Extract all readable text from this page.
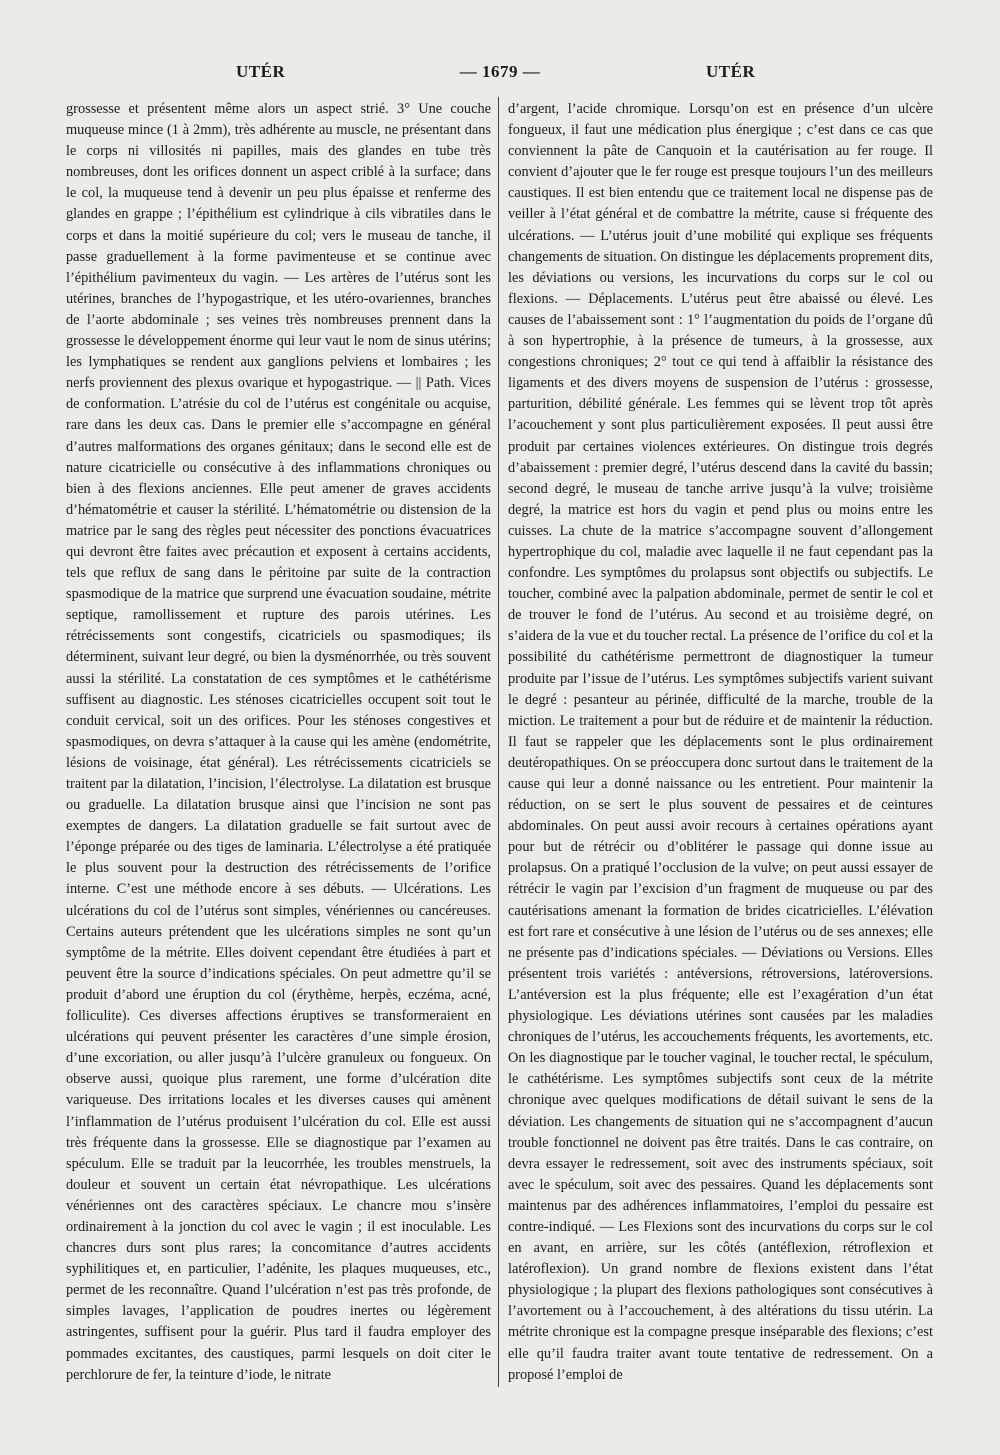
UTÉR	— 1679 —	UTÉR

grossesse et présentent même alors un aspect strié. 3° Une couche muqueuse mince (1 à 2mm), très adhérente au muscle, ne présentant dans le corps ni villosités ni papilles, mais des glandes en tube très nombreuses, dont les orifices donnent un aspect criblé à la surface; dans le col, la muqueuse tend à devenir un peu plus épaisse et renferme des glandes en grappe ; l’épithélium est cylindrique à cils vibratiles dans le corps et dans la moitié supérieure du col; vers le museau de tanche, il passe graduellement à la forme pavimenteuse et se continue avec l’épithélium pavimenteux du vagin. — Les artères de l’utérus sont les utérines, branches de l’hypogastrique, et les utéro-ovariennes, branches de l’aorte abdominale ; ses veines très nombreuses prennent dans la grossesse le développement énorme qui leur vaut le nom de sinus utérins; les lymphatiques se rendent aux ganglions pelviens et lombaires ; les nerfs proviennent des plexus ovarique et hypogastrique. — || Path. Vices de conformation. L’atrésie du col de l’utérus est congénitale ou acquise, rare dans les deux cas. Dans le premier elle s’accompagne en général d’autres malformations des organes génitaux; dans le second elle est de nature cicatricielle ou consécutive à des inflammations chroniques ou bien à des flexions anciennes. Elle peut amener de graves accidents d’hématométrie et causer la stérilité. L’hématométrie ou distension de la matrice par le sang des règles peut nécessiter des ponctions évacuatrices qui devront être faites avec précaution et exposent à certains accidents, tels que reflux de sang dans le péritoine par suite de la contraction spasmodique de la matrice que surprend une évacuation soudaine, métrite septique, ramollissement et rupture des parois utérines. Les rétrécissements sont congestifs, cicatriciels ou spasmodiques; ils déterminent, suivant leur degré, ou bien la dysménorrhée, ou très souvent aussi la stérilité. La constatation de ces symptômes et le cathétérisme suffisent au diagnostic. Les sténoses cicatricielles occupent soit tout le conduit cervical, soit un des orifices. Pour les sténoses congestives et spasmodiques, on devra s’attaquer à la cause qui les amène (endométrite, lésions de voisinage, état général). Les rétrécissements cicatriciels se traitent par la dilatation, l’incision, l’électrolyse. La dilatation est brusque ou graduelle. La dilatation brusque ainsi que l’incision ne sont pas exemptes de dangers. La dilatation graduelle se fait surtout avec de l’éponge préparée ou des tiges de laminaria. L’électrolyse a été pratiquée le plus souvent pour la destruction des rétrécissements de l’orifice interne. C’est une méthode encore à ses débuts. — Ulcérations. Les ulcérations du col de l’utérus sont simples, vénériennes ou cancéreuses. Certains auteurs prétendent que les ulcérations simples ne sont qu’un symptôme de la métrite. Elles doivent cependant être étudiées à part et peuvent être la source d’indications spéciales. On peut admettre qu’il se produit d’abord une éruption du col (érythème, herpès, eczéma, acné, folliculite). Ces diverses affections éruptives se transformeraient en ulcérations qui peuvent présenter les caractères d’une simple érosion, d’une excoriation, ou aller jusqu’à l’ulcère granuleux ou fongueux. On observe aussi, quoique plus rarement, une forme d’ulcération dite variqueuse. Des irritations locales et les diverses causes qui amènent l’inflammation de l’utérus produisent l’ulcération du col. Elle est aussi très fréquente dans la grossesse. Elle se diagnostique par l’examen au spéculum. Elle se traduit par la leucorrhée, les troubles menstruels, la douleur et souvent un certain état névropathique. Les ulcérations vénériennes ont des caractères spéciaux. Le chancre mou s’insère ordinairement à la jonction du col avec le vagin ; il est inoculable. Les chancres durs sont plus rares; la concomitance d’autres accidents syphilitiques et, en particulier, l’adénite, les plaques muqueuses, etc., permet de les reconnaître. Quand l’ulcération n’est pas très profonde, de simples lavages, l’application de poudres inertes ou légèrement astringentes, suffisent pour la guérir. Plus tard il faudra employer des pommades excitantes, des caustiques, parmi lesquels on doit citer le perchlorure de fer, la teinture d’iode, le nitrate

d’argent, l’acide chromique. Lorsqu’on est en présence d’un ulcère fongueux, il faut une médication plus énergique ; c’est dans ce cas que conviennent la pâte de Canquoin et la cautérisation au fer rouge. Il convient d’ajouter que le fer rouge est presque toujours l’un des meilleurs caustiques. Il est bien entendu que ce traitement local ne dispense pas de veiller à l’état général et de combattre la métrite, cause si fréquente des ulcérations. — L’utérus jouit d’une mobilité qui explique ses fréquents changements de situation. On distingue les déplacements proprement dits, les déviations ou versions, les incurvations du corps sur le col ou flexions. — Déplacements. L’utérus peut être abaissé ou élevé. Les causes de l’abaissement sont : 1° l’augmentation du poids de l’organe dû à son hypertrophie, à la présence de tumeurs, à la grossesse, aux congestions chroniques; 2° tout ce qui tend à affaiblir la résistance des ligaments et des divers moyens de suspension de l’utérus : grossesse, parturition, débilité générale. Les femmes qui se lèvent trop tôt après l’acouchement y sont plus particulièrement exposées. Il peut aussi être produit par certaines violences extérieures. On distingue trois degrés d’abaissement : premier degré, l’utérus descend dans la cavité du bassin; second degré, le museau de tanche arrive jusqu’à la vulve; troisième degré, la matrice est hors du vagin et pend plus ou moins entre les cuisses. La chute de la matrice s’accompagne souvent d’allongement hypertrophique du col, maladie avec laquelle il ne faut cependant pas la confondre. Les symptômes du prolapsus sont objectifs ou subjectifs. Le toucher, combiné avec la palpation abdominale, permet de sentir le col et de trouver le fond de l’utérus. Au second et au troisième degré, on s’aidera de la vue et du toucher rectal. La présence de l’orifice du col et la possibilité du cathétérisme permettront de diagnostiquer la tumeur produite par l’issue de l’utérus. Les symptômes subjectifs varient suivant le degré : pesanteur au périnée, difficulté de la marche, trouble de la miction. Le traitement a pour but de réduire et de maintenir la réduction. Il faut se rappeler que les déplacements sont le plus ordinairement deutéropathiques. On se préoccupera donc surtout dans le traitement de la cause qui leur a donné naissance ou les entretient. Pour maintenir la réduction, on se sert le plus souvent de pessaires et de ceintures abdominales. On peut aussi avoir recours à certaines opérations ayant pour but de rétrécir ou d’oblitérer le passage qui donne issue au prolapsus. On a pratiqué l’occlusion de la vulve; on peut aussi essayer de rétrécir le vagin par l’excision d’un fragment de muqueuse ou par des cautérisations amenant la formation de brides cicatricielles. L’élévation est fort rare et consécutive à une lésion de l’utérus ou de ses annexes; elle ne présente pas d’indications spéciales. — Déviations ou Versions. Elles présentent trois variétés : antéversions, rétroversions, latéroversions. L’antéversion est la plus fréquente; elle est l’exagération d’un état physiologique. Les déviations utérines sont causées par les maladies chroniques de l’utérus, les accouchements fréquents, les avortements, etc. On les diagnostique par le toucher vaginal, le toucher rectal, le spéculum, le cathétérisme. Les symptômes subjectifs sont ceux de la métrite chronique avec quelques modifications de détail suivant le sens de la déviation. Les changements de situation qui ne s’accompagnent d’aucun trouble fonctionnel ne doivent pas être traités. Dans le cas contraire, on devra essayer le redressement, soit avec des instruments spéciaux, soit avec le spéculum, soit avec des pessaires. Quand les déplacements sont maintenus par des adhérences inflammatoires, l’emploi du pessaire est contre-indiqué. — Les Flexions sont des incurvations du corps sur le col en avant, en arrière, sur les côtés (antéflexion, rétroflexion et latéroflexion). Un grand nombre de flexions existent dans l’état physiologique ; la plupart des flexions pathologiques sont consécutives à l’avortement ou à l’accouchement, à des altérations du tissu utérin. La métrite chronique est la compagne presque inséparable des flexions; c’est elle qu’il faudra traiter avant toute tentative de redressement. On a proposé l’emploi de
